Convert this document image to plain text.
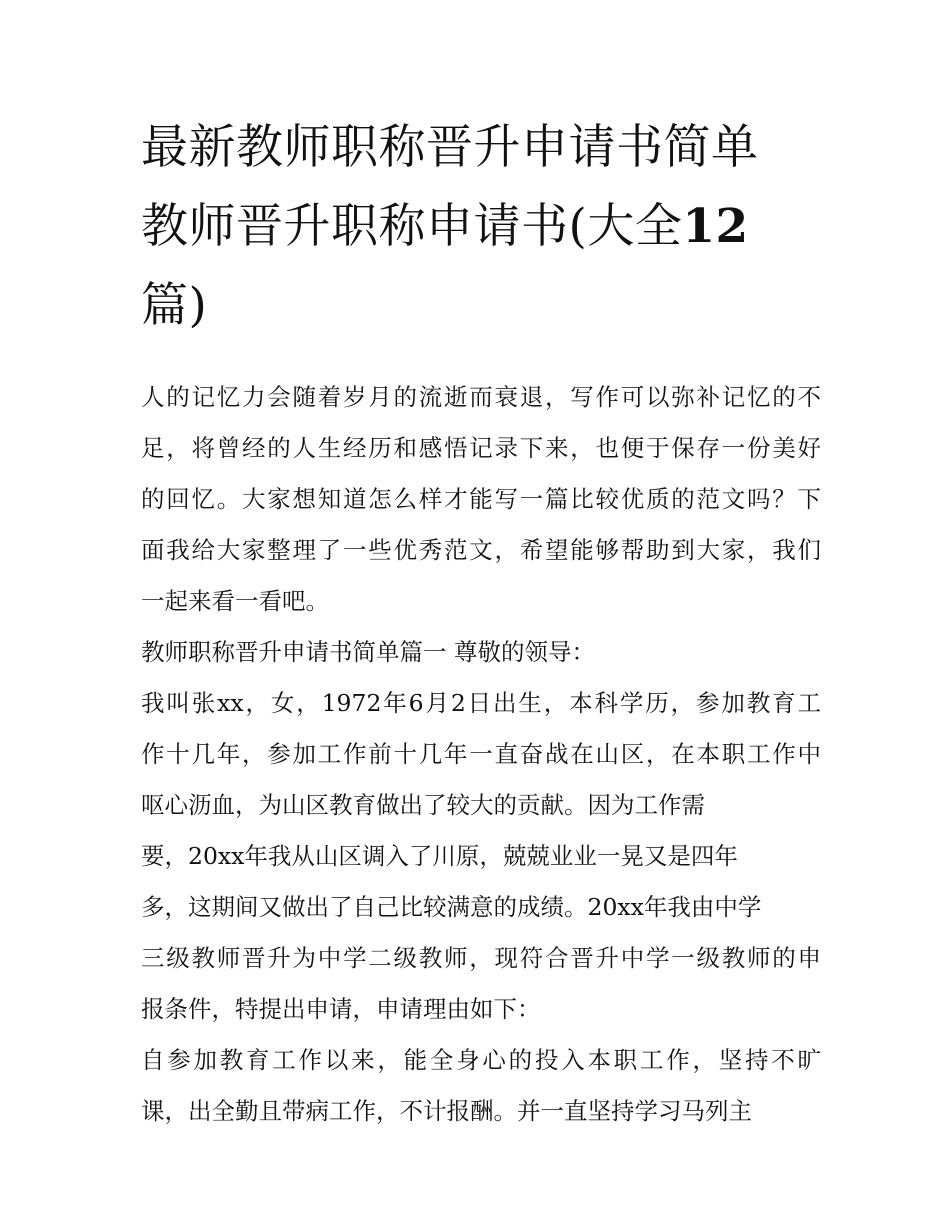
最新教师职称晋升申请书简单
教师晋升职称申请书(大全12
篇)

人的记忆力会随着岁月的流逝而衰退，写作可以弥补记忆的不
足，将曾经的人生经历和感悟记录下来，也便于保存一份美好
的回忆。大家想知道怎么样才能写一篇比较优质的范文吗？下
面我给大家整理了一些优秀范文，希望能够帮助到大家，我们
一起来看一看吧。

教师职称晋升申请书简单篇一 尊敬的领导：

我叫张xx，女，1972年6月2日出生，本科学历，参加教育工
作十几年，参加工作前十几年一直奋战在山区，在本职工作中
呕心沥血，为山区教育做出了较大的贡献。因为工作需
要，20xx年我从山区调入了川原，兢兢业业一晃又是四年
多，这期间又做出了自己比较满意的成绩。20xx年我由中学
三级教师晋升为中学二级教师，现符合晋升中学一级教师的申
报条件，特提出申请，申请理由如下：

自参加教育工作以来，能全身心的投入本职工作，坚持不旷
课，出全勤且带病工作，不计报酬。并一直坚持学习马列主
